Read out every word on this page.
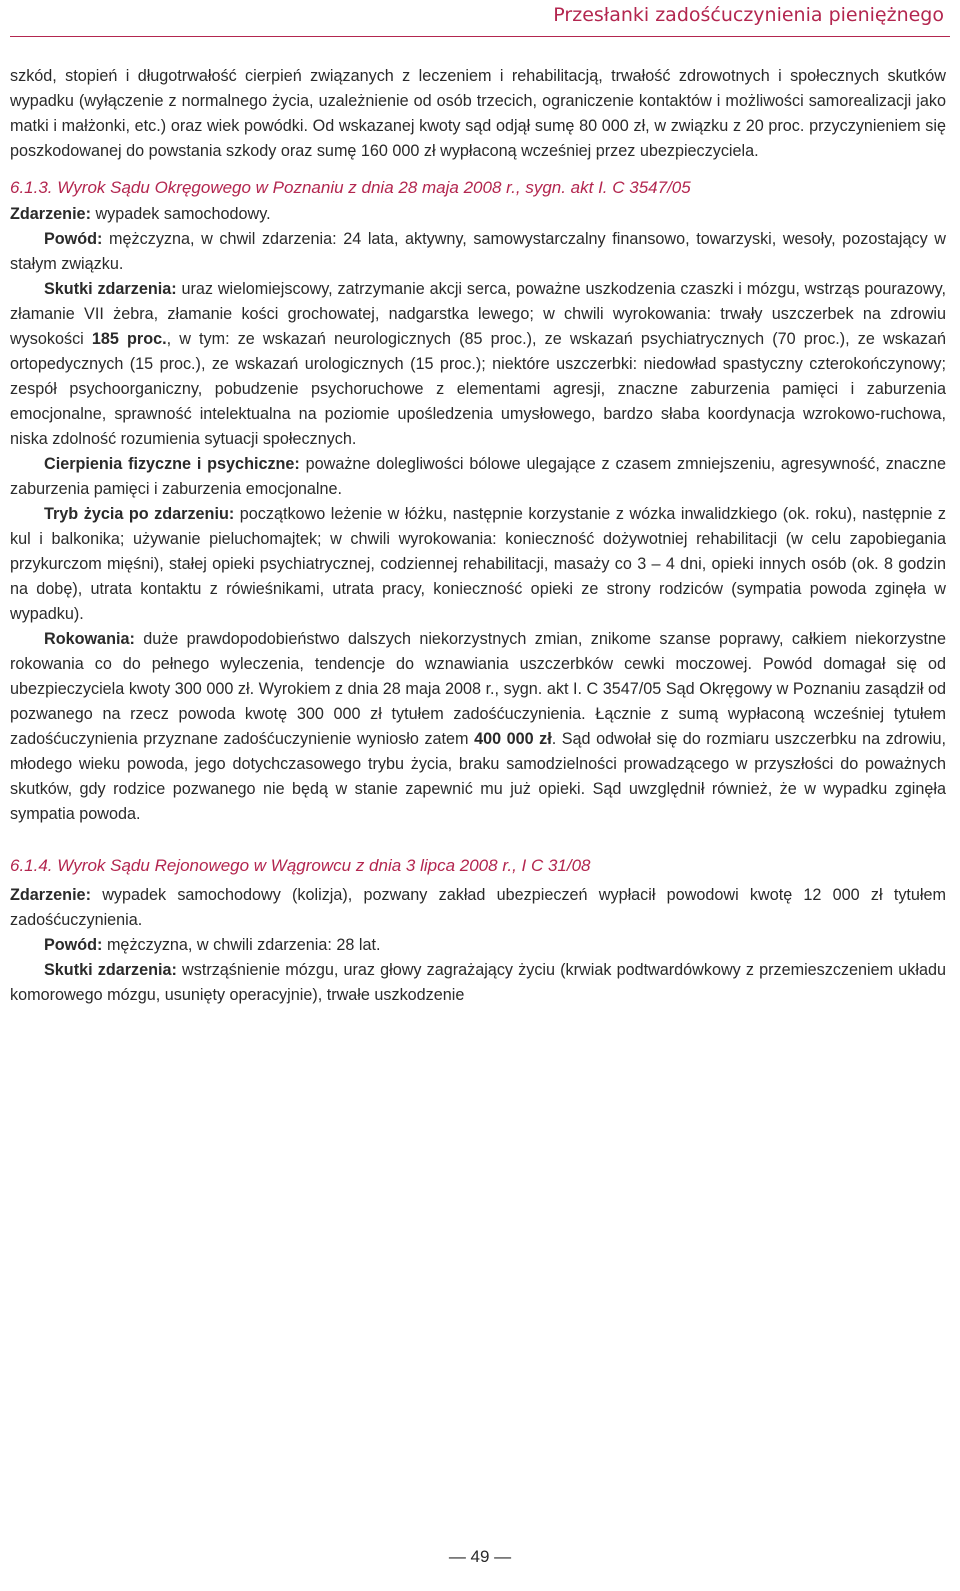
Przesłanki zadośćuczynienia pieniężnego

szkód, stopień i długotrwałość cierpień związanych z leczeniem i rehabilitacją, trwałość zdrowotnych i społecznych skutków wypadku (wyłączenie z normalnego życia, uzależnienie od osób trzecich, ograniczenie kontaktów i możliwości samorealizacji jako matki i małżonki, etc.) oraz wiek powódki. Od wskazanej kwoty sąd odjął sumę 80 000 zł, w związku z 20 proc. przyczynieniem się poszkodowanej do powstania szkody oraz sumę 160 000 zł wypłaconą wcześniej przez ubezpieczyciela.

6.1.3. Wyrok Sądu Okręgowego w Poznaniu z dnia 28 maja 2008 r., sygn. akt I. C 3547/05

Zdarzenie: wypadek samochodowy.

Powód: mężczyzna, w chwil zdarzenia: 24 lata, aktywny, samowystarczalny finansowo, towarzyski, wesoły, pozostający w stałym związku.

Skutki zdarzenia: uraz wielomiejscowy, zatrzymanie akcji serca, poważne uszkodzenia czaszki i mózgu, wstrząs pourazowy, złamanie VII żebra, złamanie kości grochowatej, nadgarstka lewego; w chwili wyrokowania: trwały uszczerbek na zdrowiu wysokości 185 proc., w tym: ze wskazań neurologicznych (85 proc.), ze wskazań psychiatrycznych (70 proc.), ze wskazań ortopedycznych (15 proc.), ze wskazań urologicznych (15 proc.); niektóre uszczerbki: niedowład spastyczny czterokończynowy; zespół psychoorganiczny, pobudzenie psychoruchowe z elementami agresji, znaczne zaburzenia pamięci i zaburzenia emocjonalne, sprawność intelektualna na poziomie upośledzenia umysłowego, bardzo słaba koordynacja wzrokowo-ruchowa, niska zdolność rozumienia sytuacji społecznych.

Cierpienia fizyczne i psychiczne: poważne dolegliwości bólowe ulegające z czasem zmniejszeniu, agresywność, znaczne zaburzenia pamięci i zaburzenia emocjonalne.

Tryb życia po zdarzeniu: początkowo leżenie w łóżku, następnie korzystanie z wózka inwalidzkiego (ok. roku), następnie z kul i balkonika; używanie pieluchomajtek; w chwili wyrokowania: konieczność dożywotniej rehabilitacji (w celu zapobiegania przykurczom mięśni), stałej opieki psychiatrycznej, codziennej rehabilitacji, masaży co 3 – 4 dni, opieki innych osób (ok. 8 godzin na dobę), utrata kontaktu z rówieśnikami, utrata pracy, konieczność opieki ze strony rodziców (sympatia powoda zginęła w wypadku).

Rokowania: duże prawdopodobieństwo dalszych niekorzystnych zmian, znikome szanse poprawy, całkiem niekorzystne rokowania co do pełnego wyleczenia, tendencje do wznawiania uszczerbków cewki moczowej. Powód domagał się od ubezpieczyciela kwoty 300 000 zł. Wyrokiem z dnia 28 maja 2008 r., sygn. akt I. C 3547/05 Sąd Okręgowy w Poznaniu zasądził od pozwanego na rzecz powoda kwotę 300 000 zł tytułem zadośćuczynienia. Łącznie z sumą wypłaconą wcześniej tytułem zadośćuczynienia przyznane zadośćuczynienie wyniosło zatem 400 000 zł. Sąd odwołał się do rozmiaru uszczerbku na zdrowiu, młodego wieku powoda, jego dotychczasowego trybu życia, braku samodzielności prowadzącego w przyszłości do poważnych skutków, gdy rodzice pozwanego nie będą w stanie zapewnić mu już opieki. Sąd uwzględnił również, że w wypadku zginęła sympatia powoda.

6.1.4. Wyrok Sądu Rejonowego w Wągrowcu z dnia 3 lipca 2008 r., I C 31/08

Zdarzenie: wypadek samochodowy (kolizja), pozwany zakład ubezpieczeń wypłacił powodowi kwotę 12 000 zł tytułem zadośćuczynienia.

Powód: mężczyzna, w chwili zdarzenia: 28 lat.

Skutki zdarzenia: wstrząśnienie mózgu, uraz głowy zagrażający życiu (krwiak podtwardówkowy z przemieszczeniem układu komorowego mózgu, usunięty operacyjnie), trwałe uszkodzenie

— 49 —
